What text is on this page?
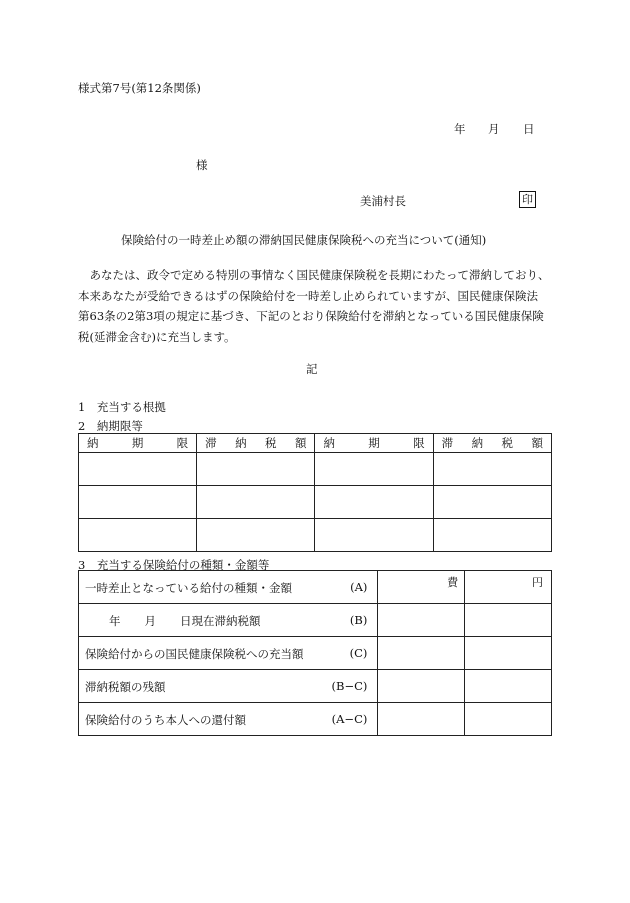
様式第7号(第12条関係)
年 月 日
様
美浦村長	印
保険給付の一時差止め額の滞納国民健康保険税への充当について(通知)

　あなたは、政令で定める特別の事情なく国民健康保険税を長期にわたって滞納しており、

本来あなたが受給できるはずの保険給付を一時差し止められていますが、国民健康保険法

第63条の2第3項の規定に基づき、下記のとおり保険給付を滞納となっている国民健康保険

税(延滞金含む)に充当します。

記
1　充当する根拠
2　納期限等
納 期 限	滞 納 税 額	納 期 限	滞 納 税 額

3　充当する保険給付の種類・金額等
一時差止となっている給付の種類・金額 (A)	費	円

年 月 日現在滞納税額 (B)		

保険給付からの国民健康保険税への充当額 (C)		

滞納税額の残額 (B−C)		

保険給付のうち本人への還付額 (A−C)		
